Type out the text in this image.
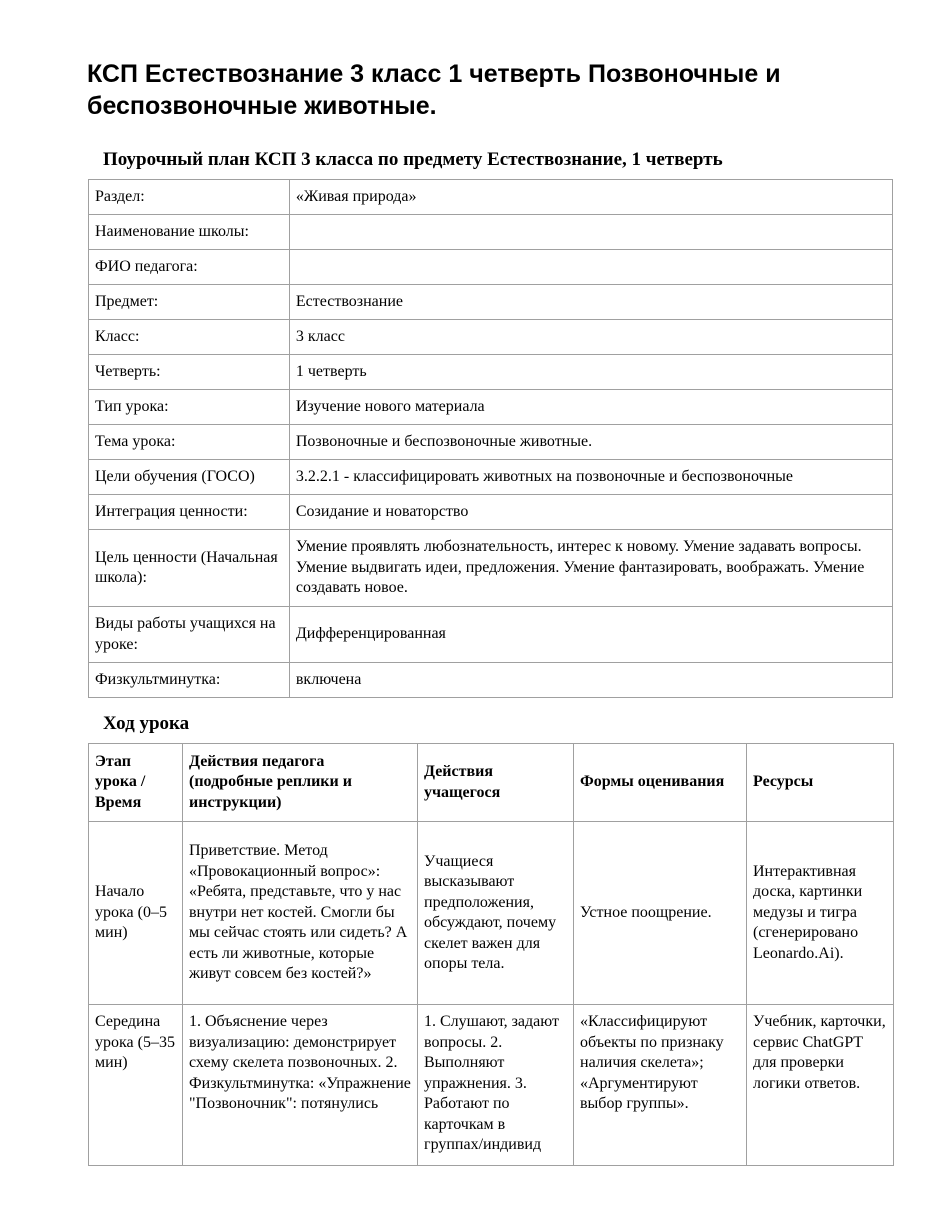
КСП Естествознание 3 класс 1 четверть Позвоночные и беспозвоночные животные.
Поурочный план КСП 3 класса по предмету Естествознание, 1 четверть
Раздел:	«Живая природа»
Наименование школы:	
ФИО педагога:	
Предмет:	Естествознание
Класс:	3 класс
Четверть:	1 четверть
Тип урока:	Изучение нового материала
Тема урока:	Позвоночные и беспозвоночные животные.
Цели обучения (ГОСО)	3.2.2.1 - классифицировать животных на позвоночные и беспозвоночные
Интеграция ценности:	Созидание и новаторство
Цель ценности (Начальная школа):	Умение проявлять любознательность, интерес к новому. Умение задавать вопросы. Умение выдвигать идеи, предложения. Умение фантазировать, воображать. Умение создавать новое.
Виды работы учащихся на уроке:	Дифференцированная
Физкультминутка:	включена
Ход урока
Этап урока / Время	Действия педагога (подробные реплики и инструкции)	Действия учащегося	Формы оценивания	Ресурсы
Начало урока (0–5 мин)	Приветствие. Метод «Провокационный вопрос»: «Ребята, представьте, что у нас внутри нет костей. Смогли бы мы сейчас стоять или сидеть? А есть ли животные, которые живут совсем без костей?»	Учащиеся высказывают предположения, обсуждают, почему скелет важен для опоры тела.	Устное поощрение.	Интерактивная доска, картинки медузы и тигра (сгенерировано Leonardo.Ai).
Середина урока (5–35 мин)	1. Объяснение через визуализацию: демонстрирует схему скелета позвоночных. 2. Физкультминутка: «Упражнение "Позвоночник": потянулись	1. Слушают, задают вопросы. 2. Выполняют упражнения. 3. Работают по карточкам в группах/индивид	«Классифицируют объекты по признаку наличия скелета»; «Аргументируют выбор группы».	Учебник, карточки, сервис ChatGPT для проверки логики ответов.
